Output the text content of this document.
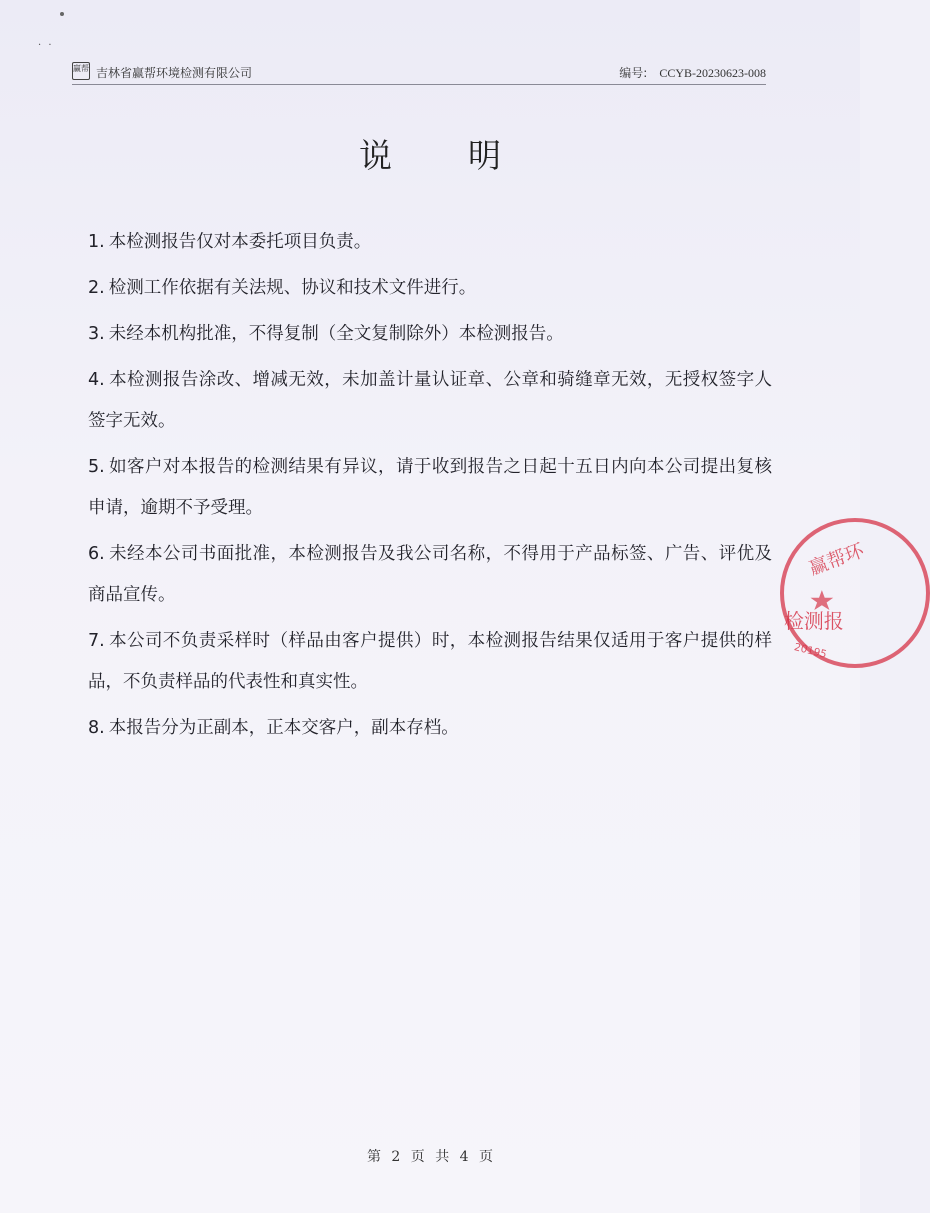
· ·
赢帮 吉林省赢帮环境检测有限公司	编号: CCYB-20230623-008
说明
1. 本检测报告仅对本委托项目负责。
2. 检测工作依据有关法规、协议和技术文件进行。
3. 未经本机构批准，不得复制（全文复制除外）本检测报告。
4. 本检测报告涂改、增减无效，未加盖计量认证章、公章和骑缝章无效，无授权签字人签字无效。
5. 如客户对本报告的检测结果有异议，请于收到报告之日起十五日内向本公司提出复核申请，逾期不予受理。
6. 未经本公司书面批准，本检测报告及我公司名称，不得用于产品标签、广告、评优及商品宣传。
7. 本公司不负责采样时（样品由客户提供）时，本检测报告结果仅适用于客户提供的样品，不负责样品的代表性和真实性。
8. 本报告分为正副本，正本交客户，副本存档。
赢帮环
检测报
20195
第 2 页 共 4 页
